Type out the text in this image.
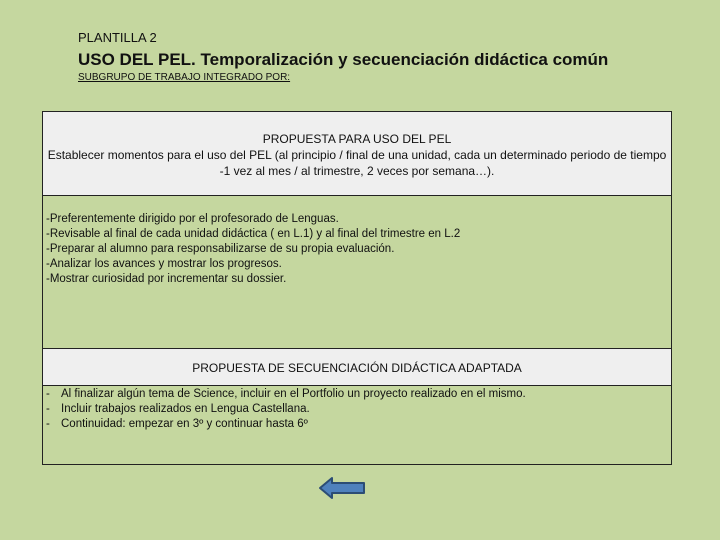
PLANTILLA 2
USO DEL PEL. Temporalización y secuenciación didáctica común
SUBGRUPO DE TRABAJO INTEGRADO POR:
PROPUESTA PARA USO DEL PEL
Establecer momentos para el uso del PEL (al principio / final de una unidad, cada un determinado periodo de tiempo -1 vez al mes / al trimestre, 2 veces por semana…).
-Preferentemente dirigido por el profesorado de Lenguas.
-Revisable al final de cada unidad didáctica ( en L.1) y al final del trimestre en L.2
-Preparar al alumno para responsabilizarse de su propia evaluación.
-Analizar los avances y mostrar los progresos.
-Mostrar curiosidad por incrementar su dossier.
PROPUESTA DE SECUENCIACIÓN DIDÁCTICA ADAPTADA
- Al finalizar algún tema de Science, incluir en el Portfolio un proyecto realizado en el mismo.
- Incluir trabajos realizados en Lengua Castellana.
- Continuidad: empezar en 3º y continuar hasta 6º
